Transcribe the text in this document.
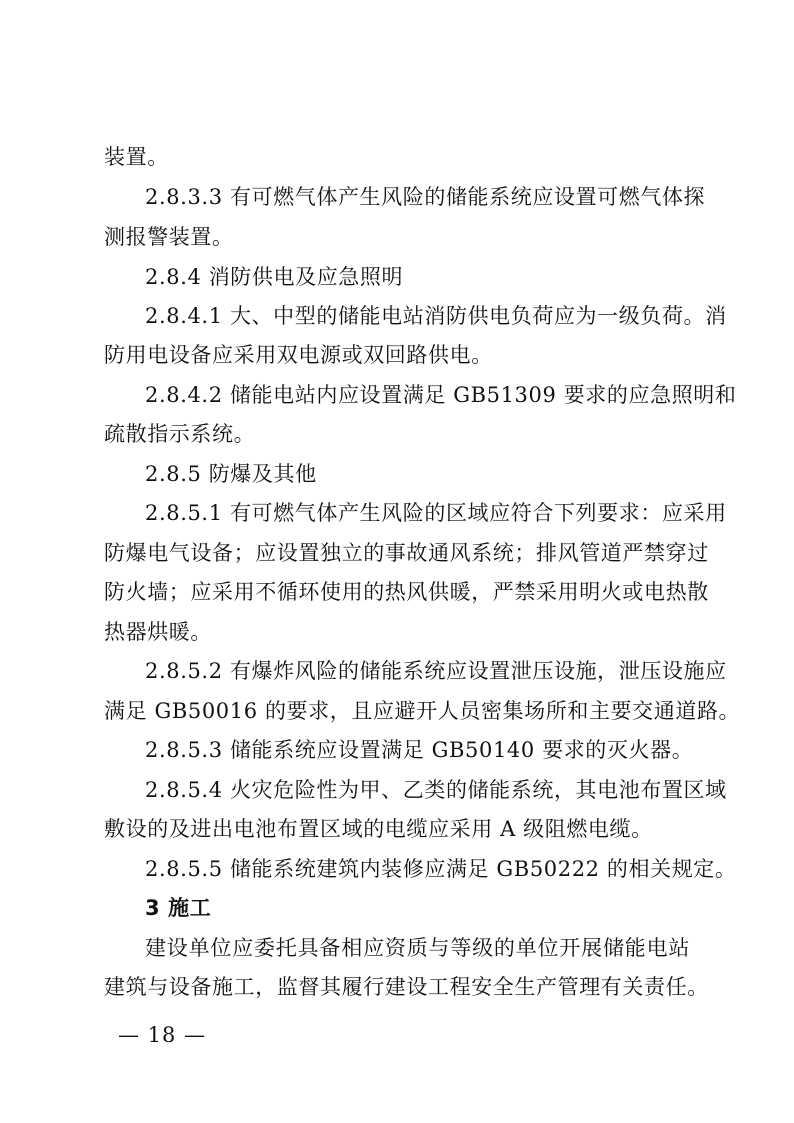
装置。
2.8.3.3 有可燃气体产生风险的储能系统应设置可燃气体探
测报警装置。
2.8.4 消防供电及应急照明
2.8.4.1 大、中型的储能电站消防供电负荷应为一级负荷。消
防用电设备应采用双电源或双回路供电。
2.8.4.2 储能电站内应设置满足 GB51309 要求的应急照明和
疏散指示系统。
2.8.5 防爆及其他
2.8.5.1 有可燃气体产生风险的区域应符合下列要求：应采用
防爆电气设备；应设置独立的事故通风系统；排风管道严禁穿过
防火墙；应采用不循环使用的热风供暖，严禁采用明火或电热散
热器烘暖。
2.8.5.2 有爆炸风险的储能系统应设置泄压设施，泄压设施应
满足 GB50016 的要求，且应避开人员密集场所和主要交通道路。
2.8.5.3 储能系统应设置满足 GB50140 要求的灭火器。
2.8.5.4 火灾危险性为甲、乙类的储能系统，其电池布置区域
敷设的及进出电池布置区域的电缆应采用 A 级阻燃电缆。
2.8.5.5 储能系统建筑内装修应满足 GB50222 的相关规定。
3 施工
建设单位应委托具备相应资质与等级的单位开展储能电站
建筑与设备施工，监督其履行建设工程安全生产管理有关责任。
— 18 —
